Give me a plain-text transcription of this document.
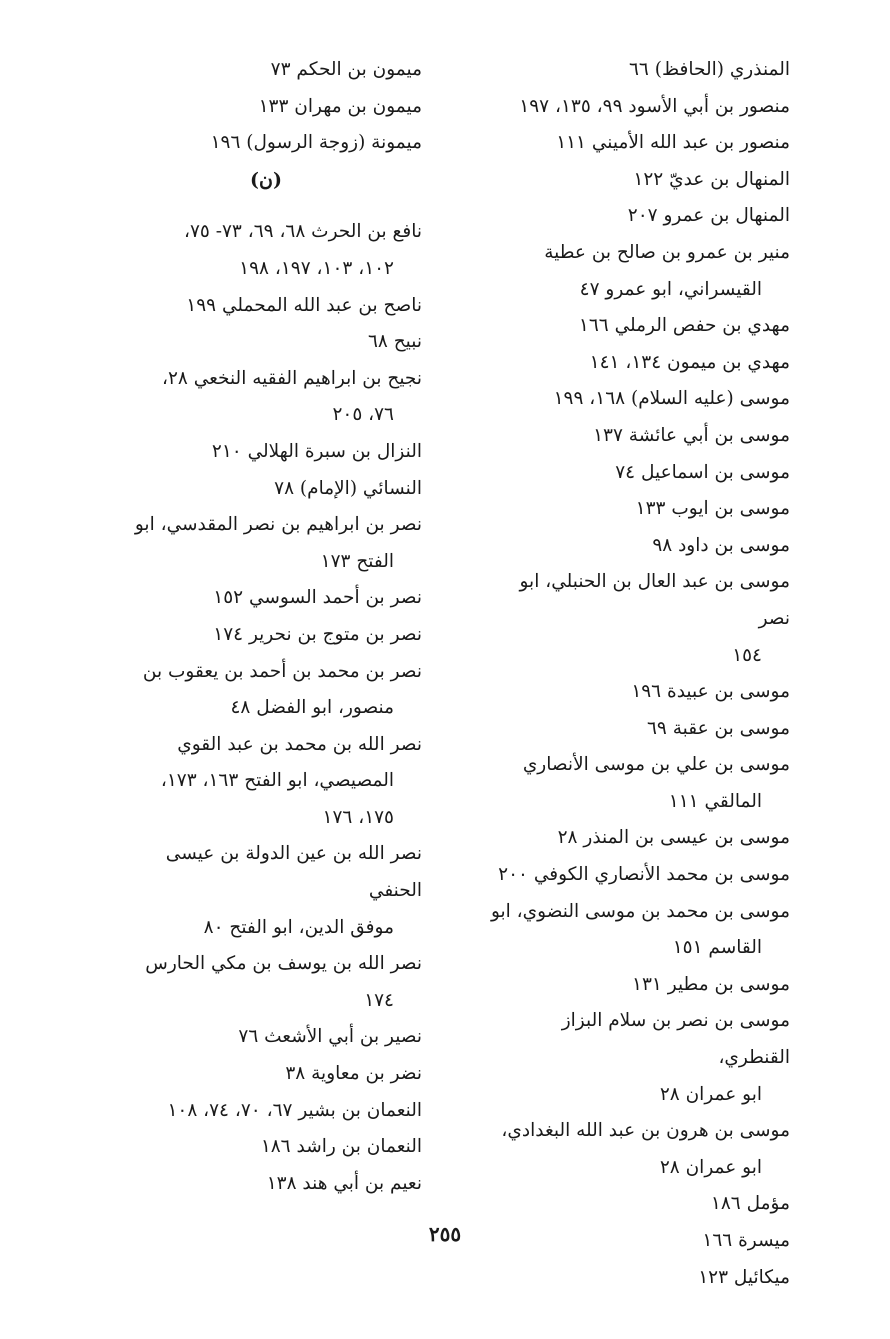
المنذري (الحافظ) ٦٦
منصور بن أبي الأسود ٩٩، ١٣٥، ١٩٧
منصور بن عبد الله الأميني ١١١
المنهال بن عديّ ١٢٢
المنهال بن عمرو ٢٠٧
منير بن عمرو بن صالح بن عطية
القيسراني، ابو عمرو ٤٧
مهدي بن حفص الرملي ١٦٦
مهدي بن ميمون ١٣٤، ١٤١
موسى (عليه السلام) ١٦٨، ١٩٩
موسى بن أبي عائشة ١٣٧
موسى بن اسماعيل ٧٤
موسى بن ايوب ١٣٣
موسى بن داود ٩٨
موسى بن عبد العال بن الحنبلي، ابو نصر
١٥٤
موسى بن عبيدة ١٩٦
موسى بن عقبة ٦٩
موسى بن علي بن موسى الأنصاري
المالقي ١١١
موسى بن عيسى بن المنذر ٢٨
موسى بن محمد الأنصاري الكوفي ٢٠٠
موسى بن محمد بن موسى النضوي، ابو
القاسم ١٥١
موسى بن مطير ١٣١
موسى بن نصر بن سلام البزاز القنطري،
ابو عمران ٢٨
موسى بن هرون بن عبد الله البغدادي،
ابو عمران ٢٨
مؤمل ١٨٦
ميسرة ١٦٦
ميكائيل ١٢٣
ميمون بن الحكم ٧٣
ميمون بن مهران ١٣٣
ميمونة (زوجة الرسول) ١٩٦
(ن)
نافع بن الحرث ٦٨، ٦٩، ٧٣- ٧٥،
١٠٢، ١٠٣، ١٩٧، ١٩٨
ناصح بن عبد الله المحملي ١٩٩
نبيح ٦٨
نجيح بن ابراهيم الفقيه النخعي ٢٨،
٧٦، ٢٠٥
النزال بن سبرة الهلالي ٢١٠
النسائي (الإمام) ٧٨
نصر بن ابراهيم بن نصر المقدسي، ابو
الفتح ١٧٣
نصر بن أحمد السوسي ١٥٢
نصر بن متوج بن نحرير ١٧٤
نصر بن محمد بن أحمد بن يعقوب بن
منصور، ابو الفضل ٤٨
نصر الله بن محمد بن عبد القوي
المصيصي، ابو الفتح ١٦٣، ١٧٣،
١٧٥، ١٧٦
نصر الله بن عين الدولة بن عيسى الحنفي
موفق الدين، ابو الفتح ٨٠
نصر الله بن يوسف بن مكي الحارس
١٧٤
نصير بن أبي الأشعث ٧٦
نضر بن معاوية ٣٨
النعمان بن بشير ٦٧، ٧٠، ٧٤، ١٠٨
النعمان بن راشد ١٨٦
نعيم بن أبي هند ١٣٨
٢٥٥
